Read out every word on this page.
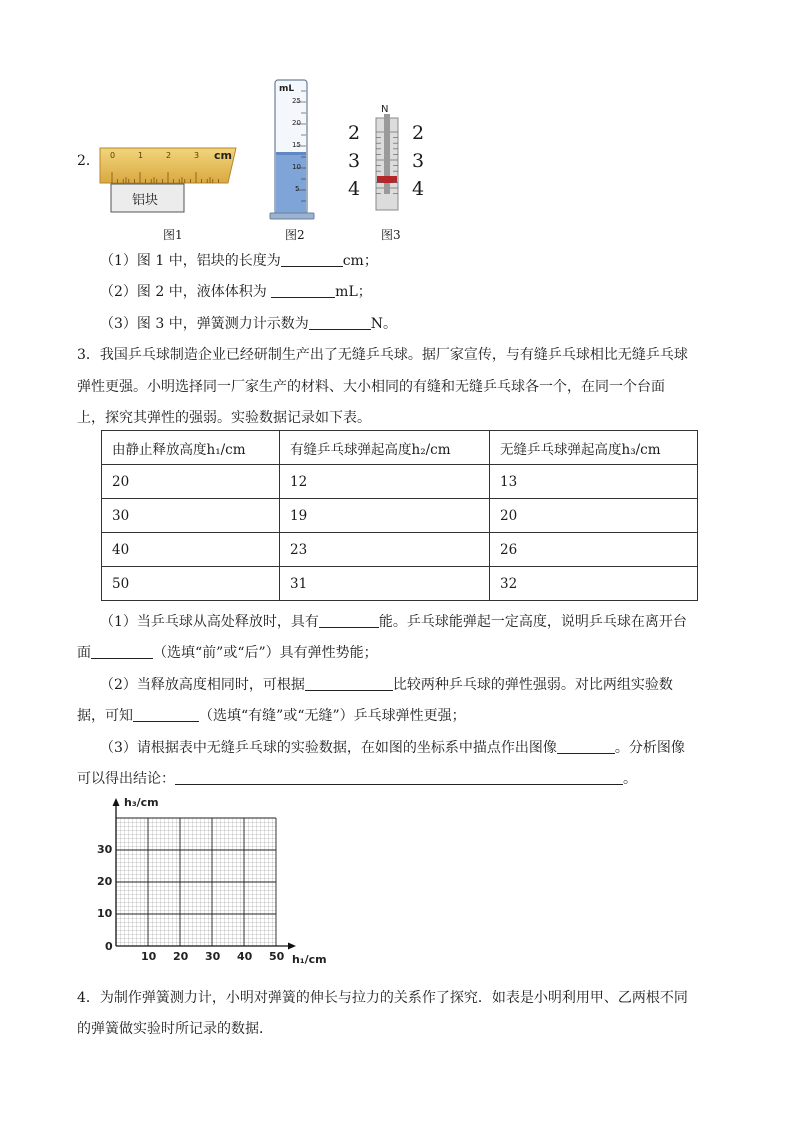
2． 0	1	2	3 cm
铝块
图1
mL
25
20
15
10
5
图2
N
2
3
4
2
3
4
图3
（1）图 1 中，铝块的长度为	cm；
（2）图 2 中，液体体积为	mL；
（3）图 3 中，弹簧测力计示数为	N。
3．我国乒乓球制造企业已经研制生产出了无缝乒乓球。据厂家宣传，与有缝乒乓球相比无缝乒乓球
弹性更强。小明选择同一厂家生产的材料、大小相同的有缝和无缝乒乓球各一个，在同一个台面
上，探究其弹性的强弱。实验数据记录如下表。
由静止释放高度h₁/cm	有缝乒乓球弹起高度h₂/cm	无缝乒乓球弹起高度h₃/cm
20	12	13
30	19	20
40	23	26
50	31	32
（1）当乒乓球从高处释放时，具有	能。乒乓球能弹起一定高度，说明乒乓球在离开台
面	（选填“前”或“后”）具有弹性势能；
（2）当释放高度相同时，可根据	比较两种乒乓球的弹性强弱。对比两组实验数
据，可知	（选填“有缝”或“无缝”）乒乓球弹性更强；
（3）请根据表中无缝乒乓球的实验数据，在如图的坐标系中描点作出图像	。分析图像
可以得出结论：	。
h₃/cm
h₁/cm
0
10
20
30
10 20 30 40 50
4．为制作弹簧测力计，小明对弹簧的伸长与拉力的关系作了探究．如表是小明利用甲、乙两根不同
的弹簧做实验时所记录的数据．
